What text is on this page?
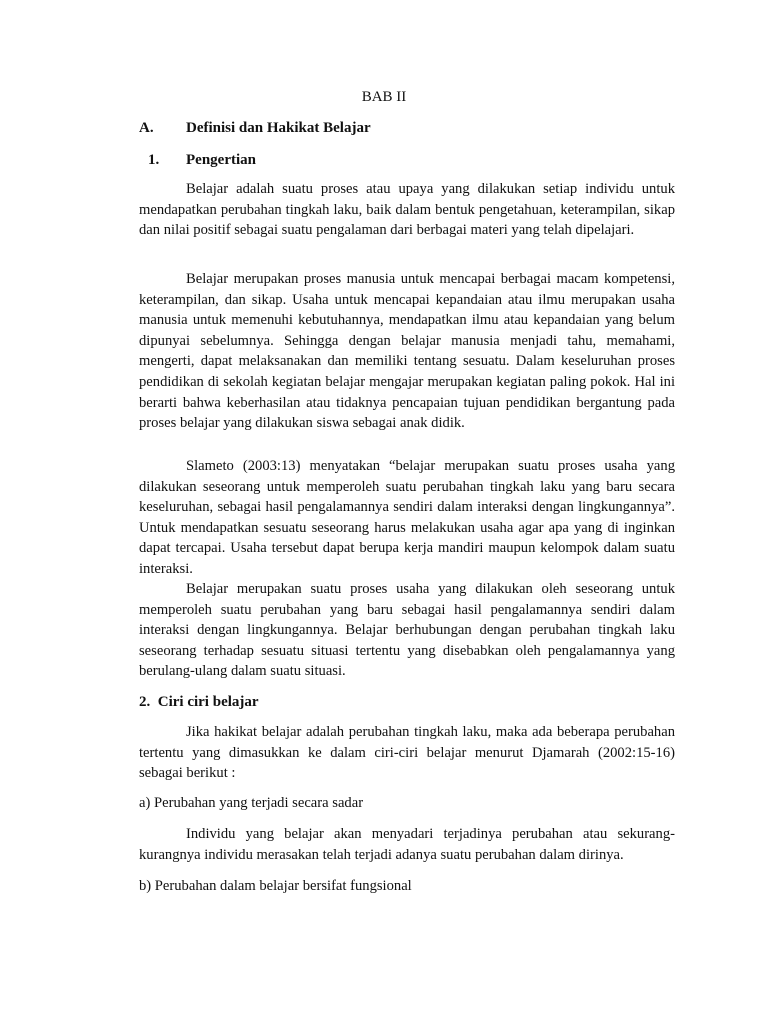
BAB II
A. Definisi dan Hakikat Belajar
1. Pengertian

Belajar adalah suatu proses atau upaya yang dilakukan setiap individu untuk mendapatkan perubahan tingkah laku, baik dalam bentuk pengetahuan, keterampilan, sikap dan nilai positif sebagai suatu pengalaman dari berbagai materi yang telah dipelajari.

Belajar merupakan proses manusia untuk mencapai berbagai macam kompetensi, keterampilan, dan sikap. Usaha untuk mencapai kepandaian atau ilmu merupakan usaha manusia untuk memenuhi kebutuhannya, mendapatkan ilmu atau kepandaian yang belum dipunyai sebelumnya. Sehingga dengan belajar manusia menjadi tahu, memahami, mengerti, dapat melaksanakan dan memiliki tentang sesuatu. Dalam keseluruhan proses pendidikan di sekolah kegiatan belajar mengajar merupakan kegiatan paling pokok. Hal ini berarti bahwa keberhasilan atau tidaknya pencapaian tujuan pendidikan bergantung pada proses belajar yang dilakukan siswa sebagai anak didik.

Slameto (2003:13) menyatakan “belajar merupakan suatu proses usaha yang dilakukan seseorang untuk memperoleh suatu perubahan tingkah laku yang baru secara keseluruhan, sebagai hasil pengalamannya sendiri dalam interaksi dengan lingkungannya”. Untuk mendapatkan sesuatu seseorang harus melakukan usaha agar apa yang di inginkan dapat tercapai. Usaha tersebut dapat berupa kerja mandiri maupun kelompok dalam suatu interaksi.

Belajar merupakan suatu proses usaha yang dilakukan oleh seseorang untuk memperoleh suatu perubahan yang baru sebagai hasil pengalamannya sendiri dalam interaksi dengan lingkungannya. Belajar berhubungan dengan perubahan tingkah laku seseorang terhadap sesuatu situasi tertentu yang disebabkan oleh pengalamannya yang berulang-ulang dalam suatu situasi.

2.  Ciri ciri belajar

Jika hakikat belajar adalah perubahan tingkah laku, maka ada beberapa perubahan tertentu yang dimasukkan ke dalam ciri-ciri belajar menurut Djamarah (2002:15-16) sebagai berikut :

a) Perubahan yang terjadi secara sadar

Individu yang belajar akan menyadari terjadinya perubahan atau sekurang-kurangnya individu merasakan telah terjadi adanya suatu perubahan dalam dirinya.

b) Perubahan dalam belajar bersifat fungsional
